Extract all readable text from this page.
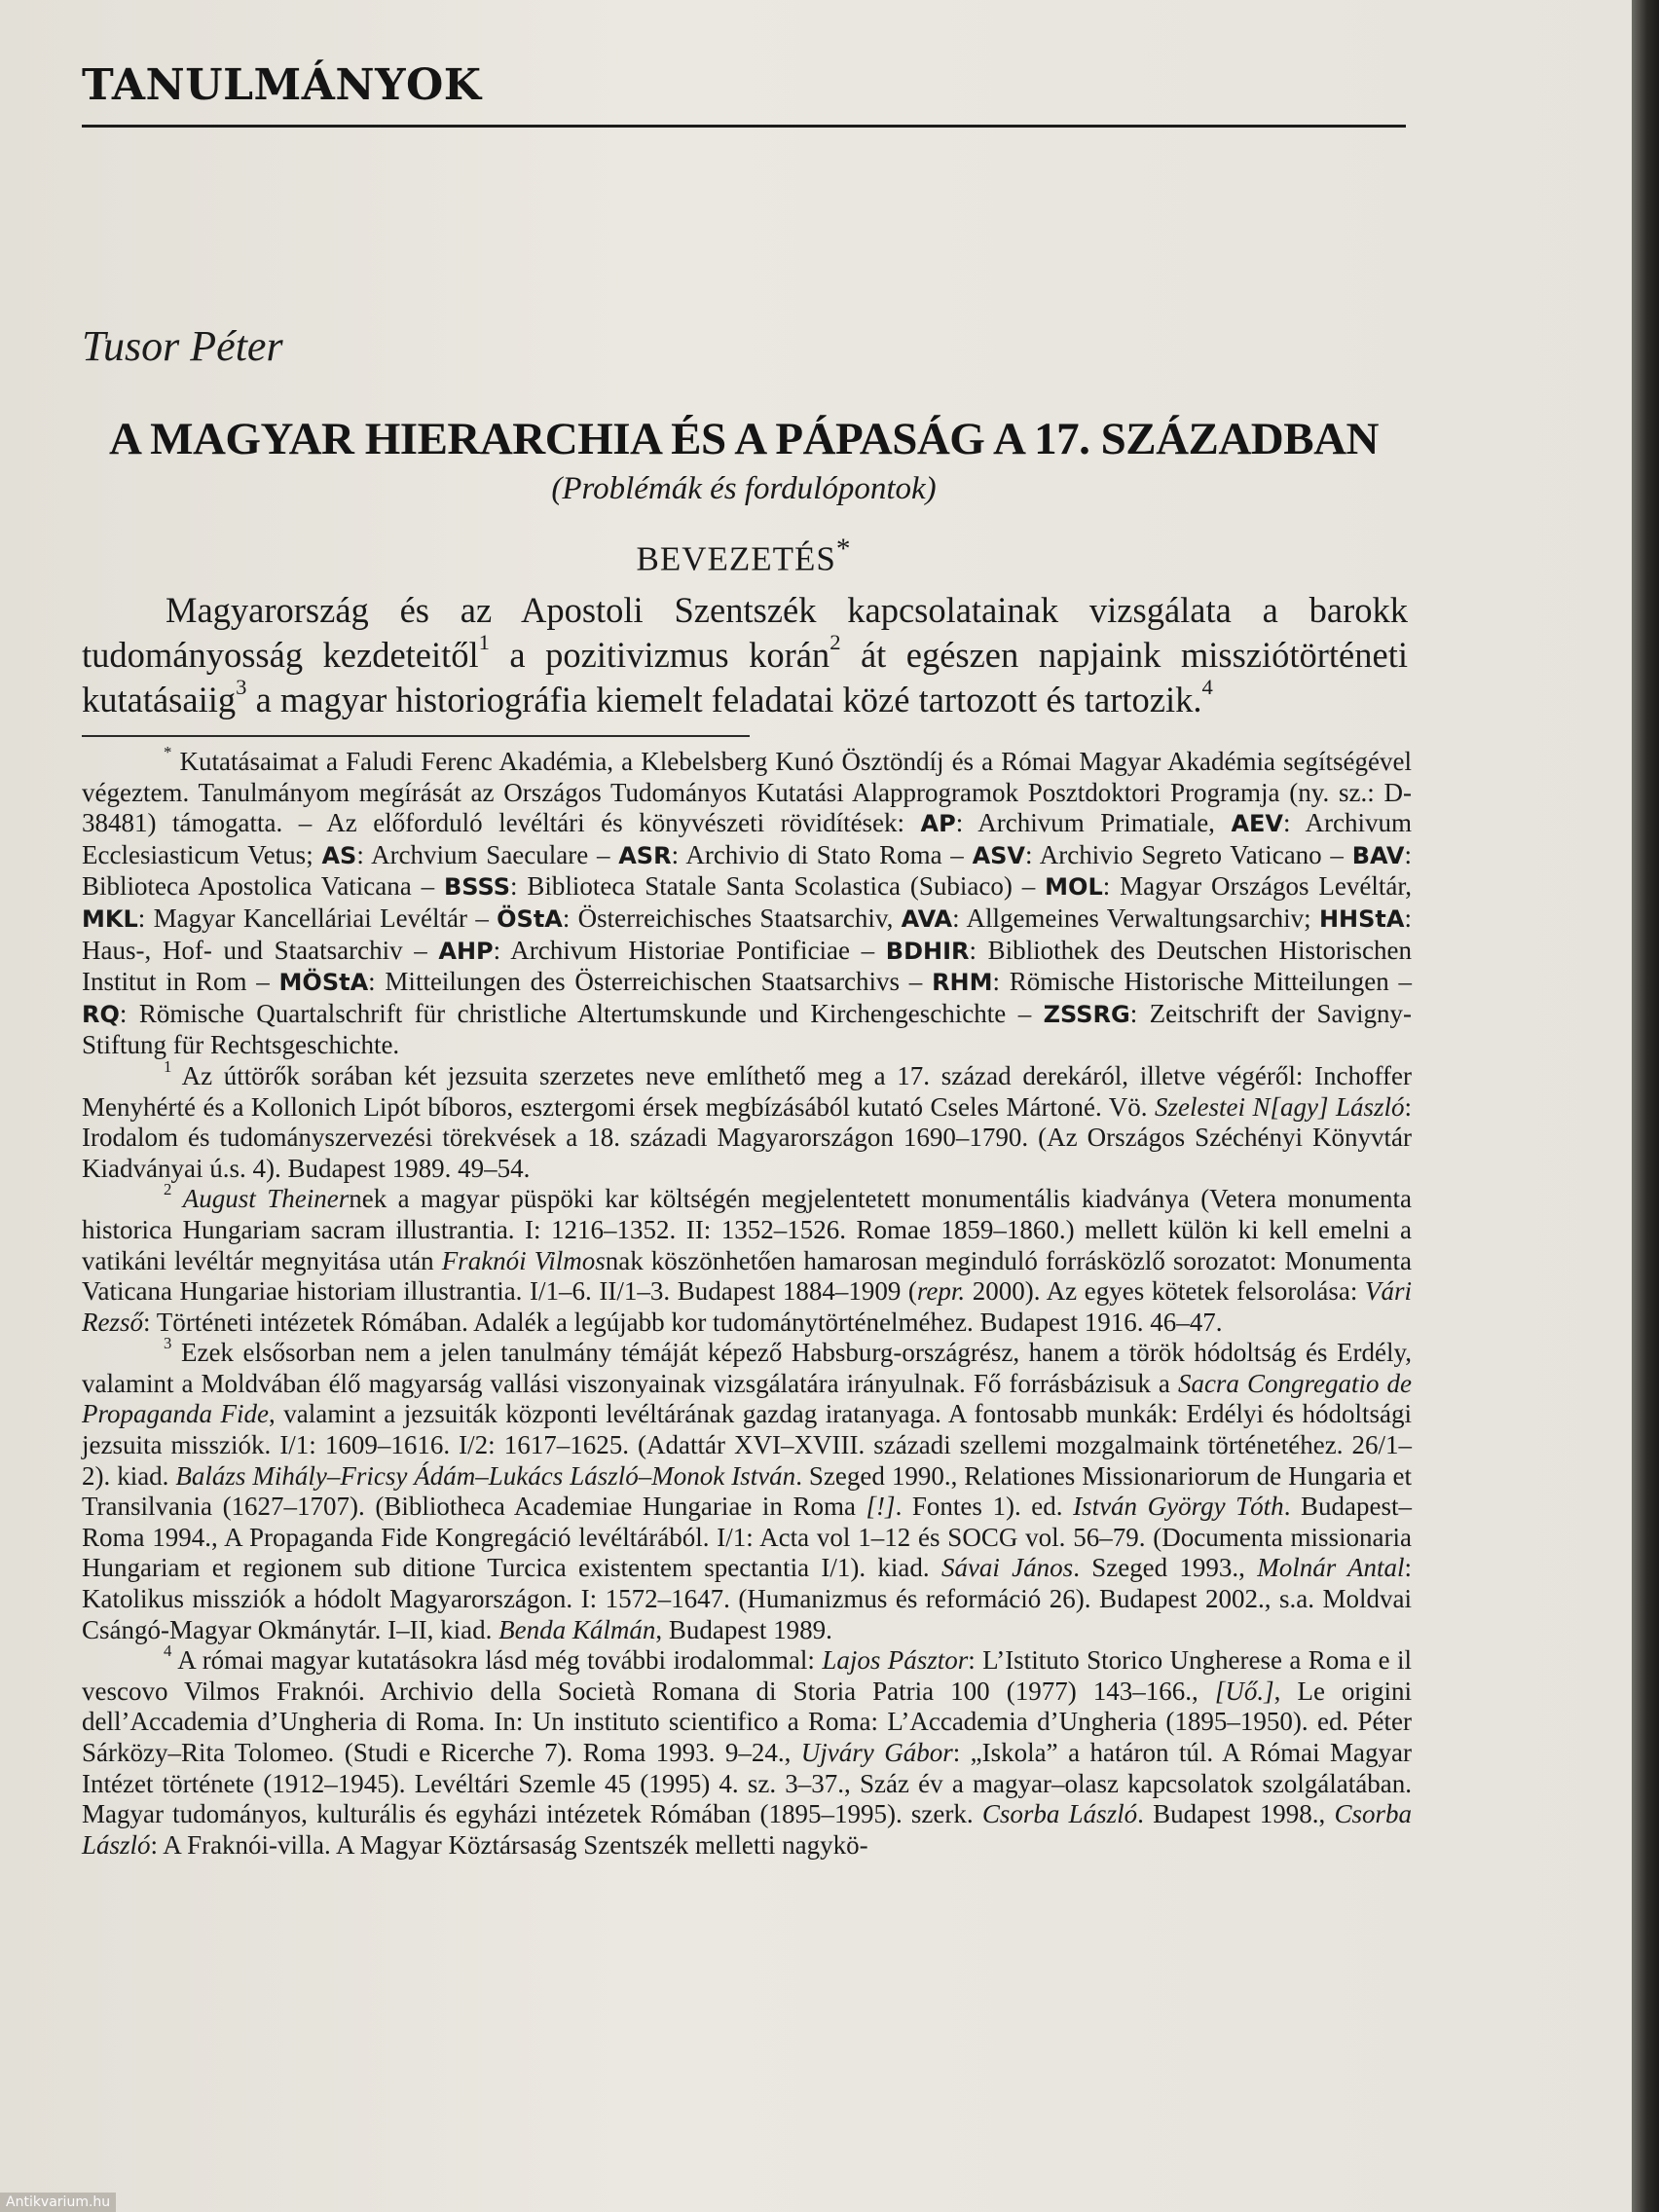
TANULMÁNYOK
Tusor Péter
A MAGYAR HIERARCHIA ÉS A PÁPASÁG A 17. SZÁZADBAN
(Problémák és fordulópontok)
BEVEZETÉS*

Magyarország és az Apostoli Szentszék kapcsolatainak vizsgálata a barokk tudományosság kezdeteitől$^1$ a pozitivizmus korán$^2$ át egészen napjaink missziótörténeti kutatásaiig$^3$ a magyar historiográfia kiemelt feladatai közé tartozott és tartozik.$^4$

* Kutatásaimat a Faludi Ferenc Akadémia, a Klebelsberg Kunó Ösztöndíj és a Római Magyar Akadémia segítségével végeztem. Tanulmányom megírását az Országos Tudományos Kutatási Alapprogramok Posztdoktori Programja (ny. sz.: D-38481) támogatta. – Az előforduló levéltári és könyvészeti rövidítések: AP: Archivum Primatiale, AEV: Archivum Ecclesiasticum Vetus; AS: Archvium Saeculare – ASR: Archivio di Stato Roma – ASV: Archivio Segreto Vaticano – BAV: Biblioteca Apostolica Vaticana – BSSS: Biblioteca Statale Santa Scolastica (Subiaco) – MOL: Magyar Országos Levéltár, MKL: Magyar Kancelláriai Levéltár – ÖStA: Österreichisches Staatsarchiv, AVA: Allgemeines Verwaltungsarchiv; HHStA: Haus-, Hof- und Staatsarchiv – AHP: Archivum Historiae Pontificiae – BDHIR: Bibliothek des Deutschen Historischen Institut in Rom – MÖStA: Mitteilungen des Österreichischen Staatsarchivs – RHM: Römische Historische Mitteilungen – RQ: Römische Quartalschrift für christliche Altertumskunde und Kirchengeschichte – ZSSRG: Zeitschrift der Savigny-Stiftung für Rechtsgeschichte.

$^1$ Az úttörők sorában két jezsuita szerzetes neve említhető meg a 17. század derekáról, illetve végéről: Inchoffer Menyhérté és a Kollonich Lipót bíboros, esztergomi érsek megbízásából kutató Cseles Mártoné. Vö. Szelestei N[agy] László: Irodalom és tudományszervezési törekvések a 18. századi Magyarországon 1690–1790. (Az Országos Széchényi Könyvtár Kiadványai ú.s. 4). Budapest 1989. 49–54.

$^2$ August Theinernek a magyar püspöki kar költségén megjelentetett monumentális kiadványa (Vetera monumenta historica Hungariam sacram illustrantia. I: 1216–1352. II: 1352–1526. Romae 1859–1860.) mellett külön ki kell emelni a vatikáni levéltár megnyitása után Fraknói Vilmosnak köszönhetően hamarosan meginduló forrásközlő sorozatot: Monumenta Vaticana Hungariae historiam illustrantia. I/1–6. II/1–3. Budapest 1884–1909 (repr. 2000). Az egyes kötetek felsorolása: Vári Rezső: Történeti intézetek Rómában. Adalék a legújabb kor tudománytörténelméhez. Budapest 1916. 46–47.

$^3$ Ezek elsősorban nem a jelen tanulmány témáját képező Habsburg-országrész, hanem a török hódoltság és Erdély, valamint a Moldvában élő magyarság vallási viszonyainak vizsgálatára irányulnak. Fő forrásbázisuk a Sacra Congregatio de Propaganda Fide, valamint a jezsuiták központi levéltárának gazdag iratanyaga. A fontosabb munkák: Erdélyi és hódoltsági jezsuita missziók. I/1: 1609–1616. I/2: 1617–1625. (Adattár XVI–XVIII. századi szellemi mozgalmaink történetéhez. 26/1–2). kiad. Balázs Mihály–Fricsy Ádám–Lukács László–Monok István. Szeged 1990., Relationes Missionariorum de Hungaria et Transilvania (1627–1707). (Bibliotheca Academiae Hungariae in Roma [!]. Fontes 1). ed. István György Tóth. Budapest–Roma 1994., A Propaganda Fide Kongregáció levéltárából. I/1: Acta vol 1–12 és SOCG vol. 56–79. (Documenta missionaria Hungariam et regionem sub ditione Turcica existentem spectantia I/1). kiad. Sávai János. Szeged 1993., Molnár Antal: Katolikus missziók a hódolt Magyarországon. I: 1572–1647. (Humanizmus és reformáció 26). Budapest 2002., s.a. Moldvai Csángó-Magyar Okmánytár. I–II, kiad. Benda Kálmán, Budapest 1989.

$^4$ A római magyar kutatásokra lásd még további irodalommal: Lajos Pásztor: L’Istituto Storico Ungherese a Roma e il vescovo Vilmos Fraknói. Archivio della Società Romana di Storia Patria 100 (1977) 143–166., [Uő.], Le origini dell’Accademia d’Ungheria di Roma. In: Un instituto scientifico a Roma: L’Accademia d’Ungheria (1895–1950). ed. Péter Sárközy–Rita Tolomeo. (Studi e Ricerche 7). Roma 1993. 9–24., Ujváry Gábor: „Iskola” a határon túl. A Római Magyar Intézet története (1912–1945). Levéltári Szemle 45 (1995) 4. sz. 3–37., Száz év a magyar–olasz kapcsolatok szolgálatában. Magyar tudományos, kulturális és egyházi intézetek Rómában (1895–1995). szerk. Csorba László. Budapest 1998., Csorba László: A Fraknói-villa. A Magyar Köztársaság Szentszék melletti nagykö-

Antikvarium.hu
